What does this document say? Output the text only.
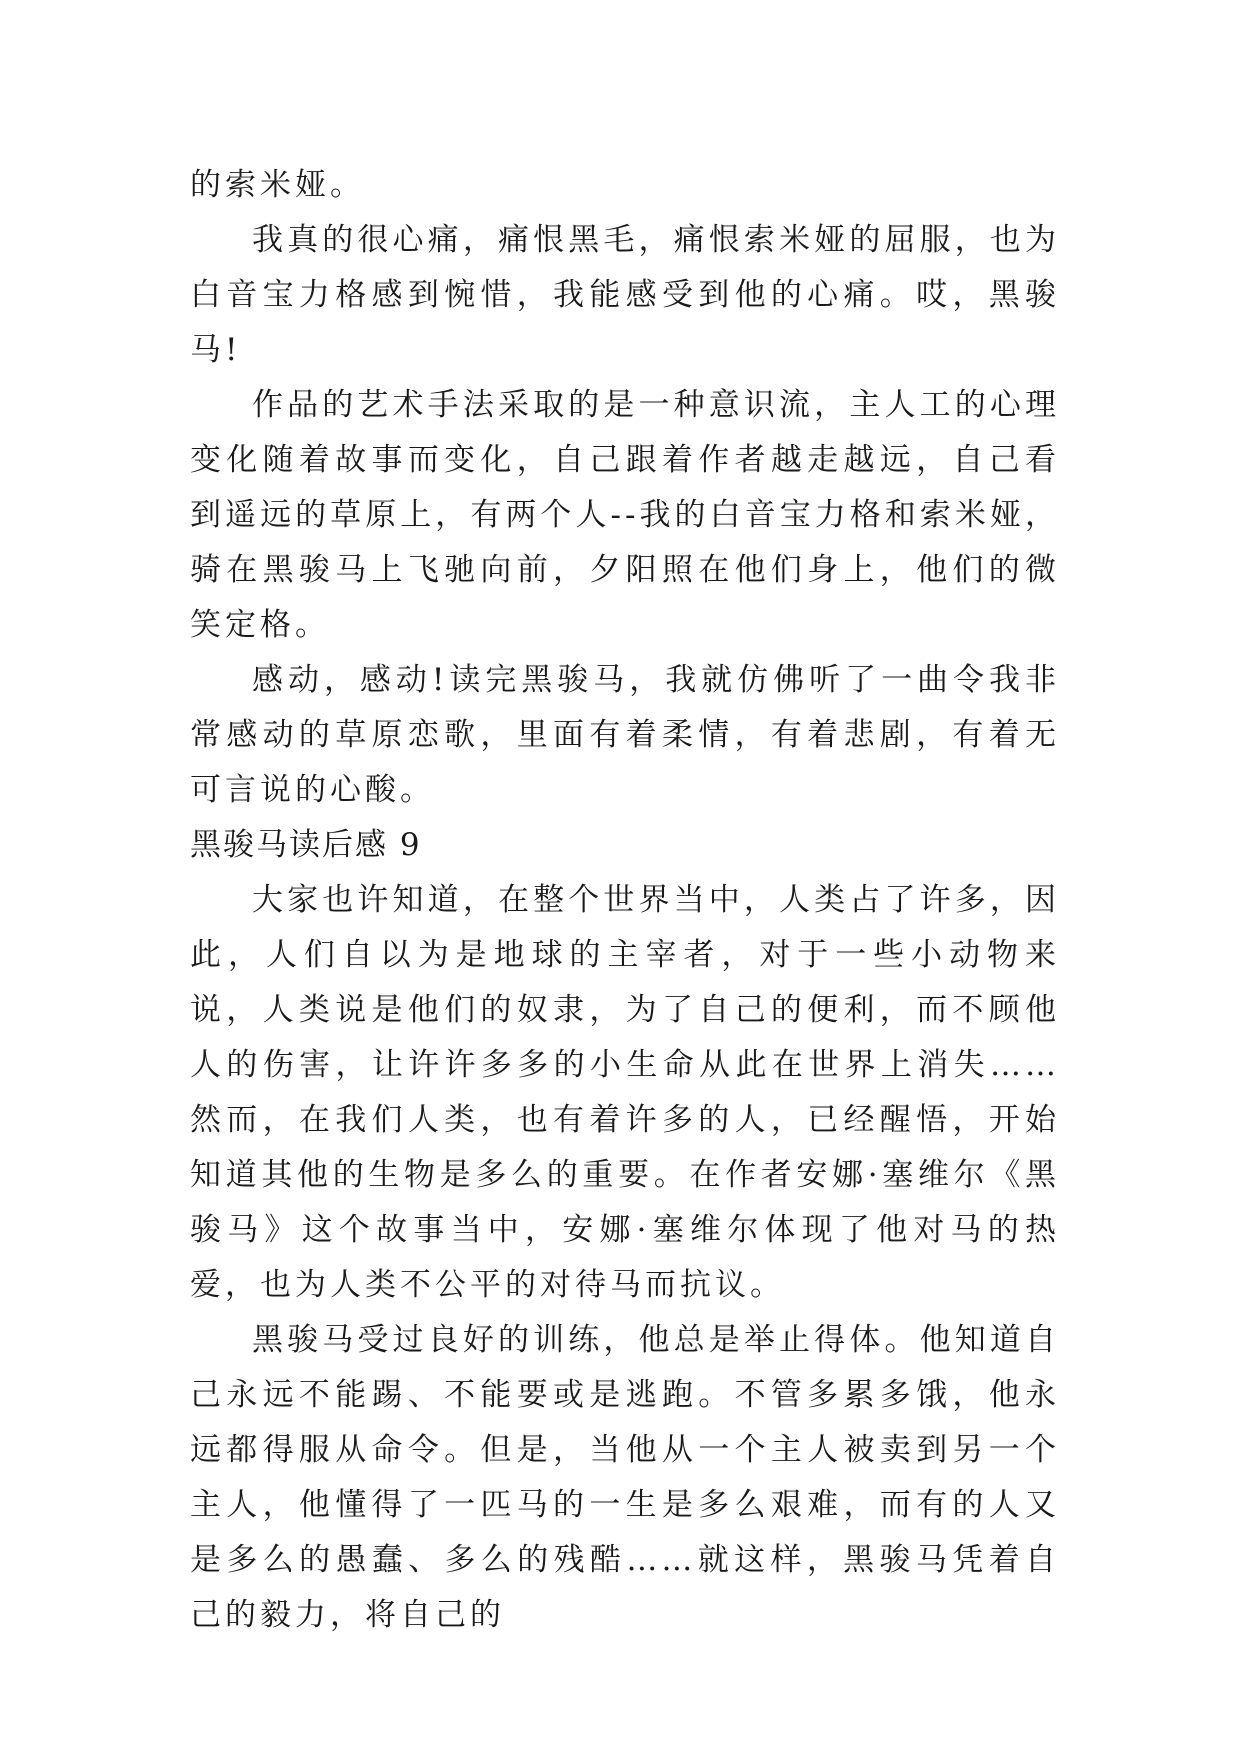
的索米娅。

我真的很心痛，痛恨黑毛，痛恨索米娅的屈服，也为白音宝力格感到惋惜，我能感受到他的心痛。哎，黑骏马!

作品的艺术手法采取的是一种意识流，主人工的心理变化随着故事而变化，自己跟着作者越走越远，自己看到遥远的草原上，有两个人--我的白音宝力格和索米娅，骑在黑骏马上飞驰向前，夕阳照在他们身上，他们的微笑定格。

感动，感动!读完黑骏马，我就仿佛听了一曲令我非常感动的草原恋歌，里面有着柔情，有着悲剧，有着无可言说的心酸。

黑骏马读后感 9

大家也许知道，在整个世界当中，人类占了许多，因此，人们自以为是地球的主宰者，对于一些小动物来说，人类说是他们的奴隶，为了自己的便利，而不顾他人的伤害，让许许多多的小生命从此在世界上消失……然而，在我们人类，也有着许多的人，已经醒悟，开始知道其他的生物是多么的重要。在作者安娜·塞维尔《黑骏马》这个故事当中，安娜·塞维尔体现了他对马的热爱，也为人类不公平的对待马而抗议。

黑骏马受过良好的训练，他总是举止得体。他知道自己永远不能踢、不能要或是逃跑。不管多累多饿，他永远都得服从命令。但是，当他从一个主人被卖到另一个主人，他懂得了一匹马的一生是多么艰难，而有的人又是多么的愚蠢、多么的残酷……就这样，黑骏马凭着自己的毅力，将自己的
